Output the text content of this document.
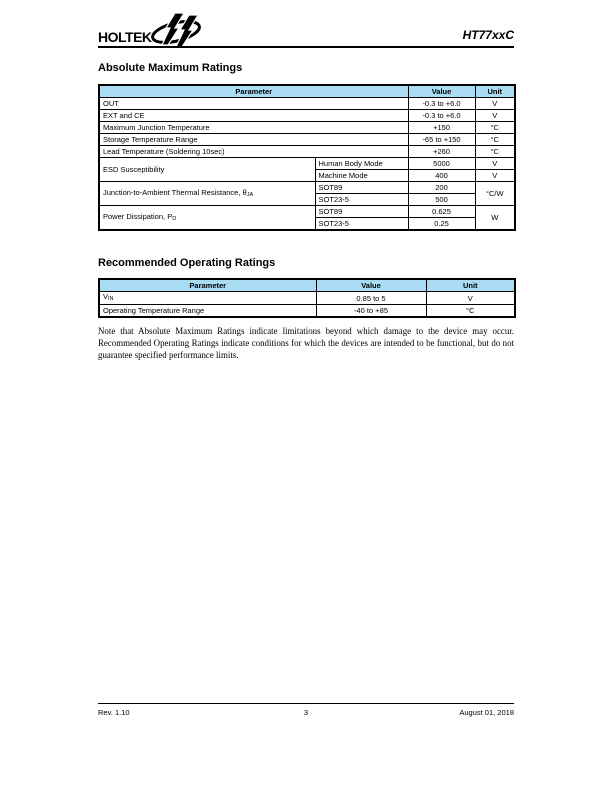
HOLTEK	HT77xxC
Absolute Maximum Ratings
Parameter		Value	Unit
OUT		-0.3 to +6.0	V
EXT and CE		-0.3 to +6.0	V
Maximum Junction Temperature		+150	°C
Storage Temperature Range		-65 to +150	°C
Lead Temperature (Soldering 10sec)		+260	°C
ESD Susceptibility	Human Body Mode	5000	V
	Machine Mode	400	V
Junction-to-Ambient Thermal Resistance, θJA	SOT89	200	°C/W
	SOT23-5	500	
Power Dissipation, PD	SOT89	0.625	W
	SOT23-5	0.25	
Recommended Operating Ratings
Parameter	Value	Unit
VIN	0.85 to 5	V
Operating Temperature Range	-40 to +85	°C
Note that Absolute Maximum Ratings indicate limitations beyond which damage to the device may occur. Recommended Operating Ratings indicate conditions for which the devices are intended to be functional, but do not guarantee specified performance limits.
3
Rev. 1.10	August 01, 2018
